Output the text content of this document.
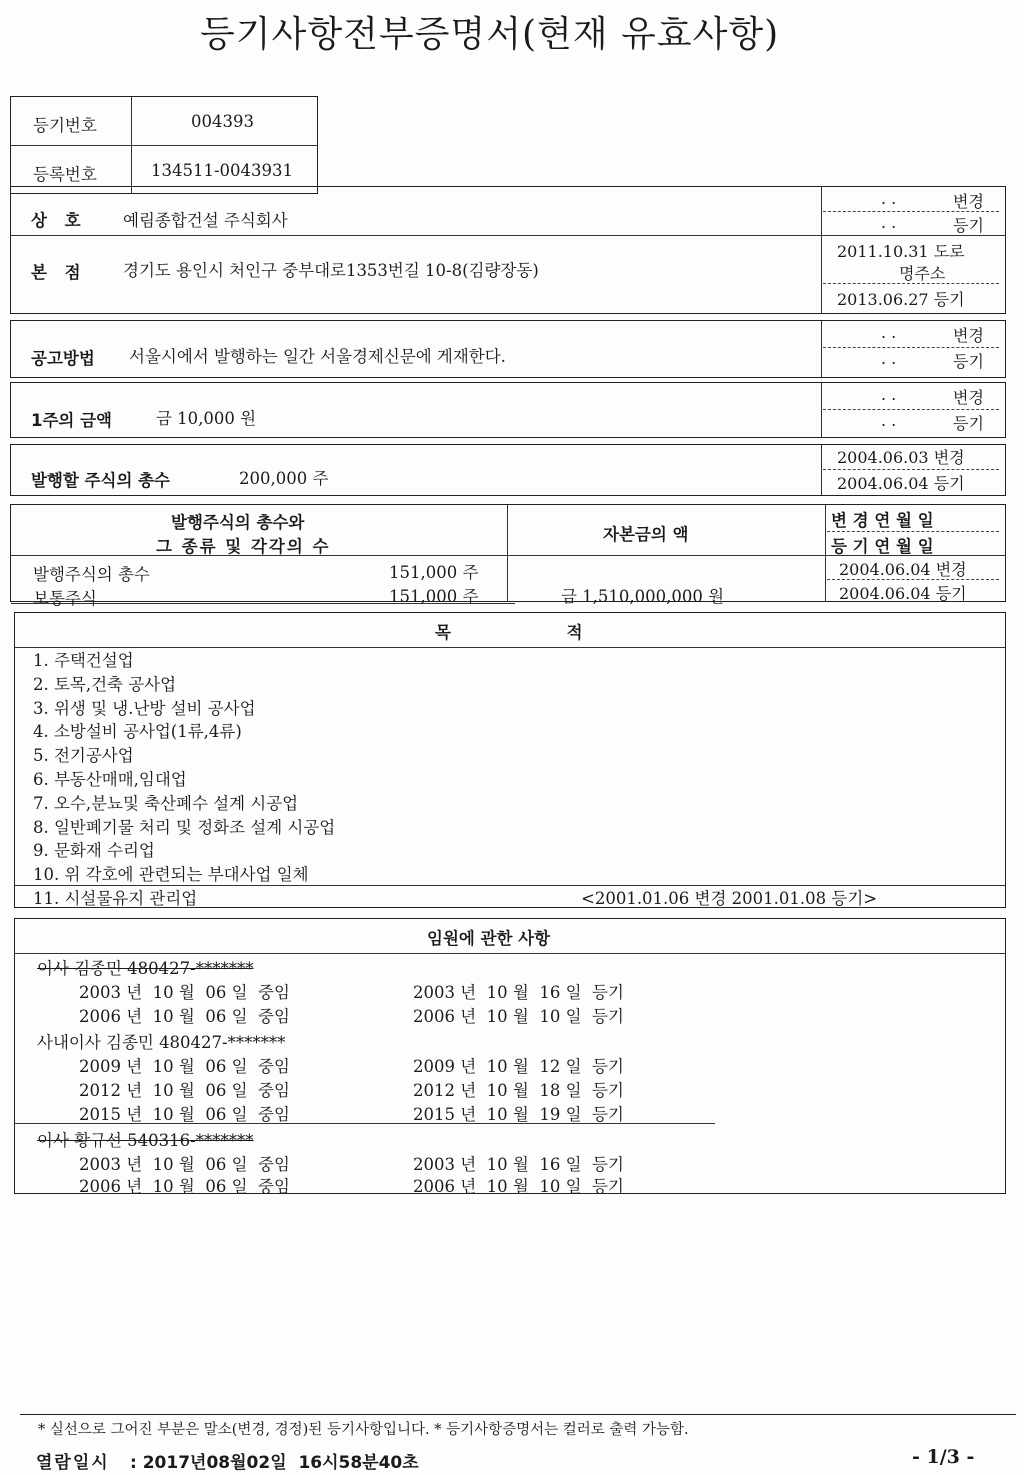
등기사항전부증명서(현재 유효사항)
등기번호	004393
등록번호	134511-0043931
상 호 예림종합건설 주식회사
. .	변경
. .	등기
본 점 경기도 용인시 처인구 중부대로1353번길 10-8(김량장동)
2011.10.31 도로
명주소
2013.06.27 등기
공고방법 서울시에서 발행하는 일간 서울경제신문에 게재한다.
. .	변경
. .	등기
1주의 금액	금 10,000 원
. .	변경
. .	등기
발행할 주식의 총수	200,000 주
2004.06.03 변경
2004.06.04 등기
발행주식의 총수와
그 종류 및 각각의 수
자본금의 액
변 경 연 월 일
등 기 연 월 일
발행주식의 총수	151,000 주
보통주식	151,000 주	금 1,510,000,000 원
2004.06.04 변경
2004.06.04 등기
목 적
1. 주택건설업
2. 토목,건축 공사업
3. 위생 및 냉.난방 설비 공사업
4. 소방설비 공사업(1류,4류)
5. 전기공사업
6. 부동산매매,임대업
7. 오수,분뇨및 축산폐수 설계 시공업
8. 일반폐기물 처리 및 정화조 설계 시공업
9. 문화재 수리업
10. 위 각호에 관련되는 부대사업 일체
11. 시설물유지 관리업	<2001.01.06 변경 2001.01.08 등기>
임원에 관한 사항
이사 김종민 480427-*******
2003 년  10 월  06 일  중임	2003 년  10 월  16 일  등기
2006 년  10 월  06 일  중임	2006 년  10 월  10 일  등기
사내이사 김종민 480427-*******
2009 년  10 월  06 일  중임	2009 년  10 월  12 일  등기
2012 년  10 월  06 일  중임	2012 년  10 월  18 일  등기
2015 년  10 월  06 일  중임	2015 년  10 월  19 일  등기
이사 황규선 540316-*******
2003 년  10 월  06 일  중임	2003 년  10 월  16 일  등기
2006 년  10 월  06 일  중임	2006 년  10 월  10 일  등기
* 실선으로 그어진 부분은 말소(변경, 경정)된 등기사항입니다. * 등기사항증명서는 컬러로 출력 가능함.
열람일시 : 2017년08월02일  16시58분40초	- 1/3 -
